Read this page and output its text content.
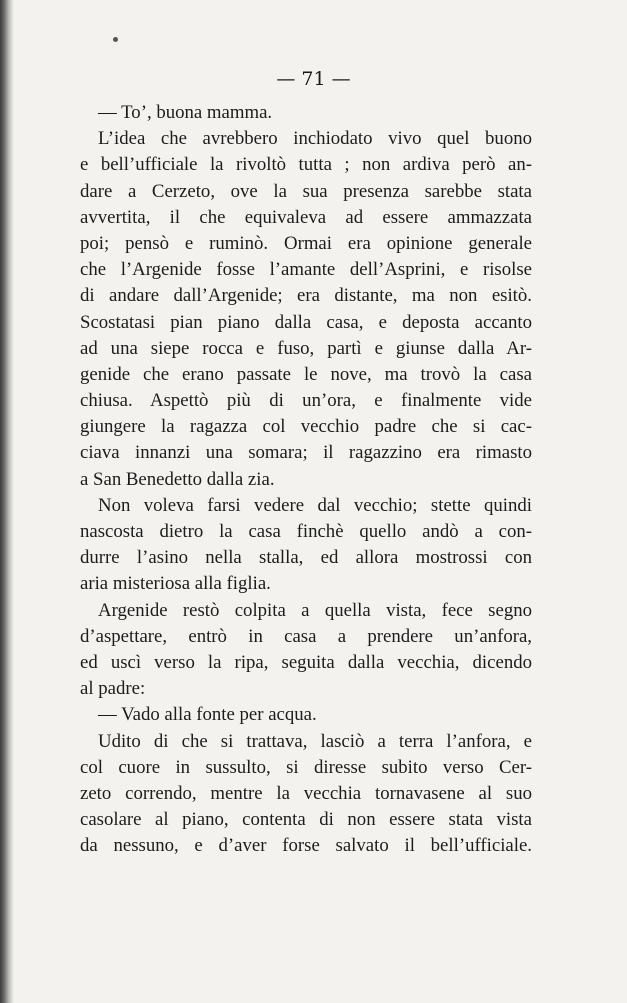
— 71 —
— To’, buona mamma.
L’idea che avrebbero inchiodato vivo quel buono
e bell’ufficiale la rivoltò tutta ; non ardiva però an-
dare a Cerzeto, ove la sua presenza sarebbe stata
avvertita, il che equivaleva ad essere ammazzata
poi; pensò e ruminò. Ormai era opinione generale
che l’Argenide fosse l’amante dell’Asprini, e risolse
di andare dall’Argenide; era distante, ma non esitò.
Scostatasi pian piano dalla casa, e deposta accanto
ad una siepe rocca e fuso, partì e giunse dalla Ar-
genide che erano passate le nove, ma trovò la casa
chiusa. Aspettò più di un’ora, e finalmente vide
giungere la ragazza col vecchio padre che si cac-
ciava innanzi una somara; il ragazzino era rimasto
a San Benedetto dalla zia.
Non voleva farsi vedere dal vecchio; stette quindi
nascosta dietro la casa finchè quello andò a con-
durre l’asino nella stalla, ed allora mostrossi con
aria misteriosa alla figlia.
Argenide restò colpita a quella vista, fece segno
d’aspettare, entrò in casa a prendere un’anfora,
ed uscì verso la ripa, seguita dalla vecchia, dicendo
al padre:
— Vado alla fonte per acqua.
Udito di che si trattava, lasciò a terra l’anfora, e
col cuore in sussulto, si diresse subito verso Cer-
zeto correndo, mentre la vecchia tornavasene al suo
casolare al piano, contenta di non essere stata vista
da nessuno, e d’aver forse salvato il bell’ufficiale.
